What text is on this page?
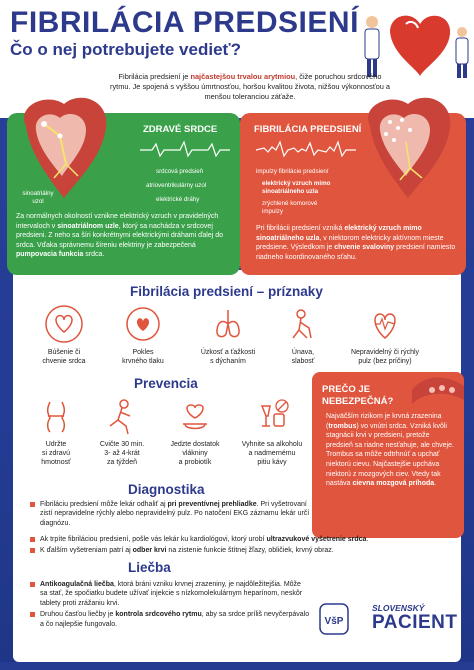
FIBRILÁCIA PREDSIENÍ
Čo o nej potrebujete vedieť?
Fibrilácia predsiení je najčastejšou trvalou arytmiou, čiže poruchou srdcového rytmu. Je spojená s vyššou úmrtnosťou, horšou kvalitou života, nižšou výkonnosťou a menšou toleranciou záťaže.
ZDRAVÉ SRDCE
srdcová predsieň
atrioventrikulárny uzol
elektrické dráhy
sinoatriálny uzol
Za normálnych okolností vznikne elektrický vzruch v pravidelných intervaloch v sinoatriálnom uzle, ktorý sa nachádza v srdcovej predsieni. Z neho sa šíri konkrétnymi elektrickými dráhami ďalej do srdca. Vďaka správnemu šíreniu elektriny je zabezpečená pumpovacia funkcia srdca.
FIBRILÁCIA PREDSIENÍ
impulzy fibrilácie predsiení
elektrický vzruch mimo sinoatriálneho uzla
zrýchlené komorové impulzy
Pri fibrilácii predsiení vzniká elektrický vzruch mimo sinoatriálneho uzla, v niektorom elektricky aktívnom mieste predsiene. Výsledkom je chvenie svaloviny predsiení namiesto riadneho koordinovaného sťahu.
Fibrilácia predsiení – príznaky
Búšenie či
chvenie srdca
Pokles
krvného tlaku
Úzkosť a ťažkosti
s dýchaním
Únava,
slabosť
Nepravidelný či rýchly
pulz (bez príčiny)
Prevencia
Udržte
si zdravú
hmotnosť
Cvičte 30 min.
3- až 4-krát
za týždeň
Jedzte dostatok
vlákniny
a probiotík
Vyhnite sa alkoholu
a nadmernému
pitiu kávy
PREČO JE
NEBEZPEČNÁ?
Najväčším rizikom je krvná zrazenina (trombus) vo vnútri srdca. Vzniká kvôli stagnácii krvi v predsieni, pretože predsieň sa riadne nesťahuje, ale chveje. Trombus sa môže odtrhnúť a upchať niektorú cievu. Najčastejšie upcháva niektorú z mozgových ciev. Vtedy tak nastáva cievna mozgová príhoda.
Diagnostika
Fibriláciu predsiení môže lekár odhaliť aj pri preventívnej prehliadke. Pri vyšetrovaní zistí nepravidelne rýchly alebo nepravidelný pulz. Po natočení EKG záznamu lekár určí diagnózu.
Ak trpíte fibriláciou predsiení, pošle vás lekár ku kardiológovi, ktorý urobí ultrazvukové vyšetrenie srdca.
K ďalším vyšetreniam patrí aj odber krvi na zistenie funkcie štítnej žľazy, obličiek, krvný obraz.
Liečba
Antikoagulačná liečba, ktorá bráni vzniku krvnej zrazeniny, je najdôležitejšia. Môže sa stať, že spočiatku budete užívať injekcie s nízkomolekulárnym heparínom, neskôr tablety proti zrážaniu krvi.
Druhou časťou liečby je kontrola srdcového rytmu, aby sa srdce príliš nevyčerpávalo a čo najlepšie fungovalo.	VšP
SLOVENSKÝ
PACIENT
